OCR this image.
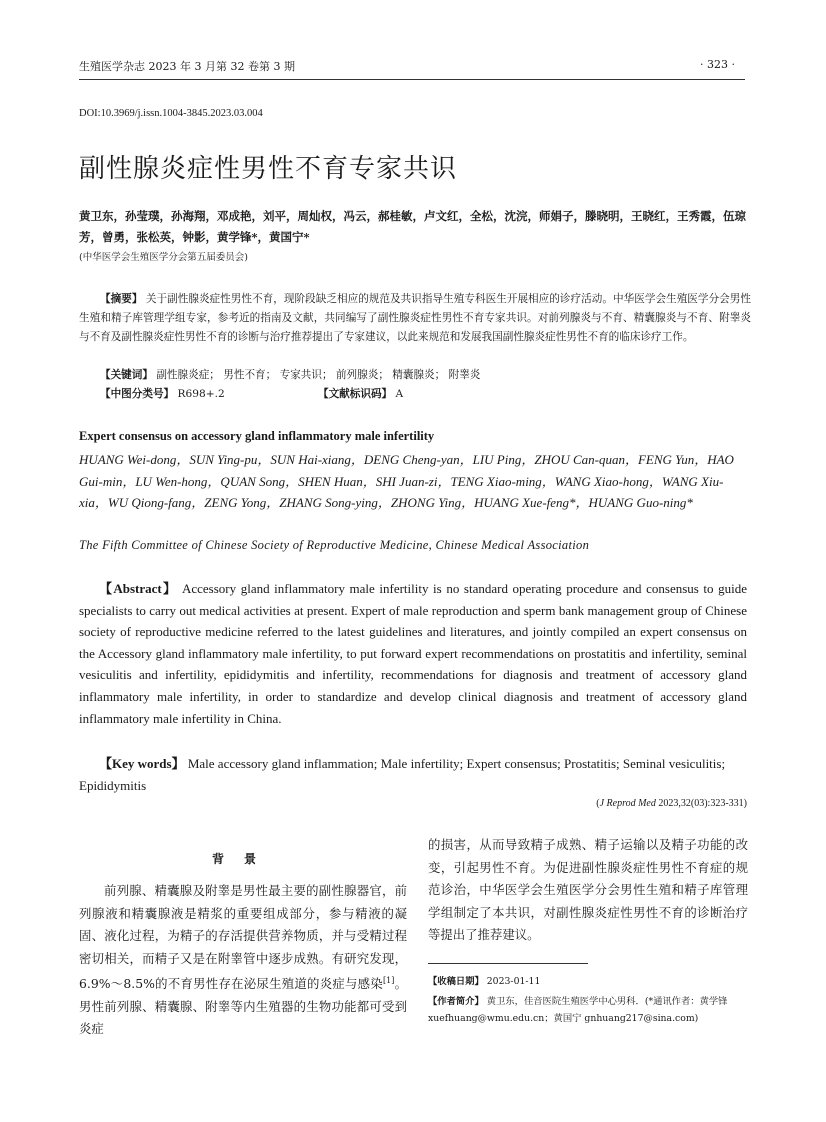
生殖医学杂志 2023 年 3 月第 32 卷第 3 期	· 323 ·
DOI:10.3969/j.issn.1004-3845.2023.03.004
副性腺炎症性男性不育专家共识
黄卫东，孙莹璞，孙海翔，邓成艳，刘平，周灿权，冯云，郝桂敏，卢文红，全松，沈浣，师娟子，滕晓明，王晓红，王秀霞，伍琼芳，曾勇，张松英，钟影，黄学锋*，黄国宁*
(中华医学会生殖医学分会第五届委员会)
【摘要】 关于副性腺炎症性男性不育，现阶段缺乏相应的规范及共识指导生殖专科医生开展相应的诊疗活动。中华医学会生殖医学分会男性生殖和精子库管理学组专家，参考近的指南及文献，共同编写了副性腺炎症性男性不育专家共识。对前列腺炎与不育、精囊腺炎与不育、附睾炎与不育及副性腺炎症性男性不育的诊断与治疗推荐提出了专家建议，以此来规范和发展我国副性腺炎症性男性不育的临床诊疗工作。
【关键词】 副性腺炎症； 男性不育； 专家共识； 前列腺炎； 精囊腺炎； 附睾炎
【中图分类号】 R698+.2	【文献标识码】 A
Expert consensus on accessory gland inflammatory male infertility
HUANG Wei-dong，SUN Ying-pu，SUN Hai-xiang，DENG Cheng-yan，LIU Ping，ZHOU Can-quan，FENG Yun，HAO Gui-min，LU Wen-hong，QUAN Song，SHEN Huan，SHI Juan-zi，TENG Xiao-ming，WANG Xiao-hong，WANG Xiu-xia，WU Qiong-fang，ZENG Yong，ZHANG Song-ying，ZHONG Ying，HUANG Xue-feng*，HUANG Guo-ning*
The Fifth Committee of Chinese Society of Reproductive Medicine, Chinese Medical Association
【Abstract】 Accessory gland inflammatory male infertility is no standard operating procedure and consensus to guide specialists to carry out medical activities at present. Expert of male reproduction and sperm bank management group of Chinese society of reproductive medicine referred to the latest guidelines and literatures, and jointly compiled an expert consensus on the Accessory gland inflammatory male infertility, to put forward expert recommendations on prostatitis and infertility, seminal vesiculitis and infertility, epididymitis and infertility, recommendations for diagnosis and treatment of accessory gland inflammatory male infertility, in order to standardize and develop clinical diagnosis and treatment of accessory gland inflammatory male infertility in China.
【Key words】 Male accessory gland inflammation; Male infertility; Expert consensus; Prostatitis; Seminal vesiculitis; Epididymitis
(J Reprod Med 2023,32(03):323-331)
背景
前列腺、精囊腺及附睾是男性最主要的副性腺器官，前列腺液和精囊腺液是精浆的重要组成部分，参与精液的凝固、液化过程，为精子的存活提供营养物质，并与受精过程密切相关，而精子又是在附睾管中逐步成熟。有研究发现，6.9%～8.5%的不育男性存在泌尿生殖道的炎症与感染[1]。男性前列腺、精囊腺、附睾等内生殖器的生物功能都可受到炎症
的损害，从而导致精子成熟、精子运输以及精子功能的改变，引起男性不育。为促进副性腺炎症性男性不育症的规范诊治，中华医学会生殖医学分会男性生殖和精子库管理学组制定了本共识，对副性腺炎症性男性不育的诊断治疗等提出了推荐建议。
【收稿日期】 2023-01-11
【作者简介】 黄卫东，佳音医院生殖医学中心男科．(*通讯作者：黄学锋 xuefhuang@wmu.edu.cn；黄国宁 gnhuang217@sina.com)
